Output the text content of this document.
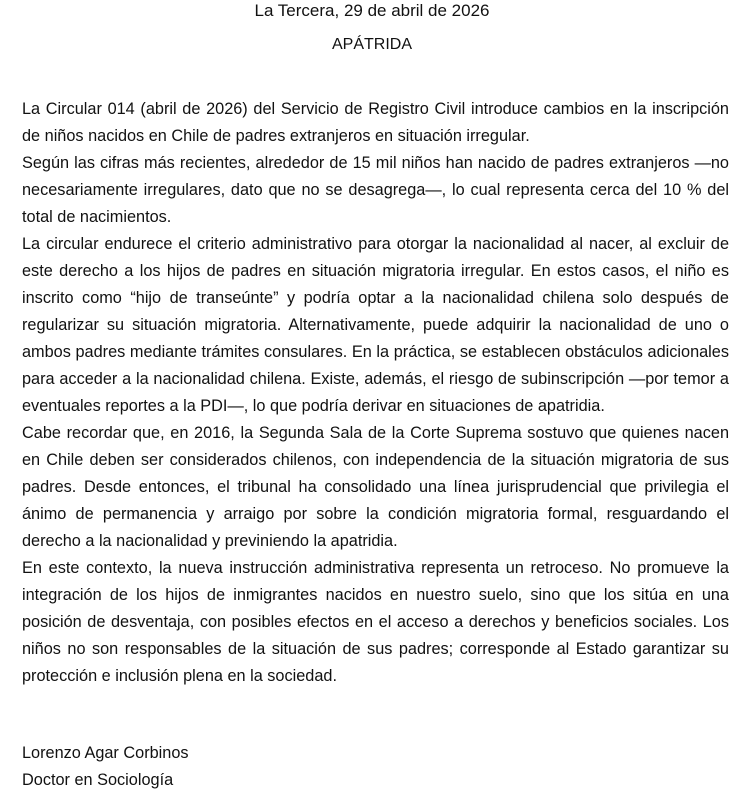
La Tercera, 29 de abril de 2026

APÁTRIDA

La Circular 014 (abril de 2026) del Servicio de Registro Civil introduce cambios en la inscripción de niños nacidos en Chile de padres extranjeros en situación irregular.

Según las cifras más recientes, alrededor de 15 mil niños han nacido de padres extranjeros —no necesariamente irregulares, dato que no se desagrega—, lo cual representa cerca del 10 % del total de nacimientos.

La circular endurece el criterio administrativo para otorgar la nacionalidad al nacer, al excluir de este derecho a los hijos de padres en situación migratoria irregular. En estos casos, el niño es inscrito como “hijo de transeúnte” y podría optar a la nacionalidad chilena solo después de regularizar su situación migratoria. Alternativamente, puede adquirir la nacionalidad de uno o ambos padres mediante trámites consulares. En la práctica, se establecen obstáculos adicionales para acceder a la nacionalidad chilena. Existe, además, el riesgo de subinscripción —por temor a eventuales reportes a la PDI—, lo que podría derivar en situaciones de apatridia.

Cabe recordar que, en 2016, la Segunda Sala de la Corte Suprema sostuvo que quienes nacen en Chile deben ser considerados chilenos, con independencia de la situación migratoria de sus padres. Desde entonces, el tribunal ha consolidado una línea jurisprudencial que privilegia el ánimo de permanencia y arraigo por sobre la condición migratoria formal, resguardando el derecho a la nacionalidad y previniendo la apatridia.

En este contexto, la nueva instrucción administrativa representa un retroceso. No promueve la integración de los hijos de inmigrantes nacidos en nuestro suelo, sino que los sitúa en una posición de desventaja, con posibles efectos en el acceso a derechos y beneficios sociales. Los niños no son responsables de la situación de sus padres; corresponde al Estado garantizar su protección e inclusión plena en la sociedad.

Lorenzo Agar Corbinos
Doctor en Sociología
